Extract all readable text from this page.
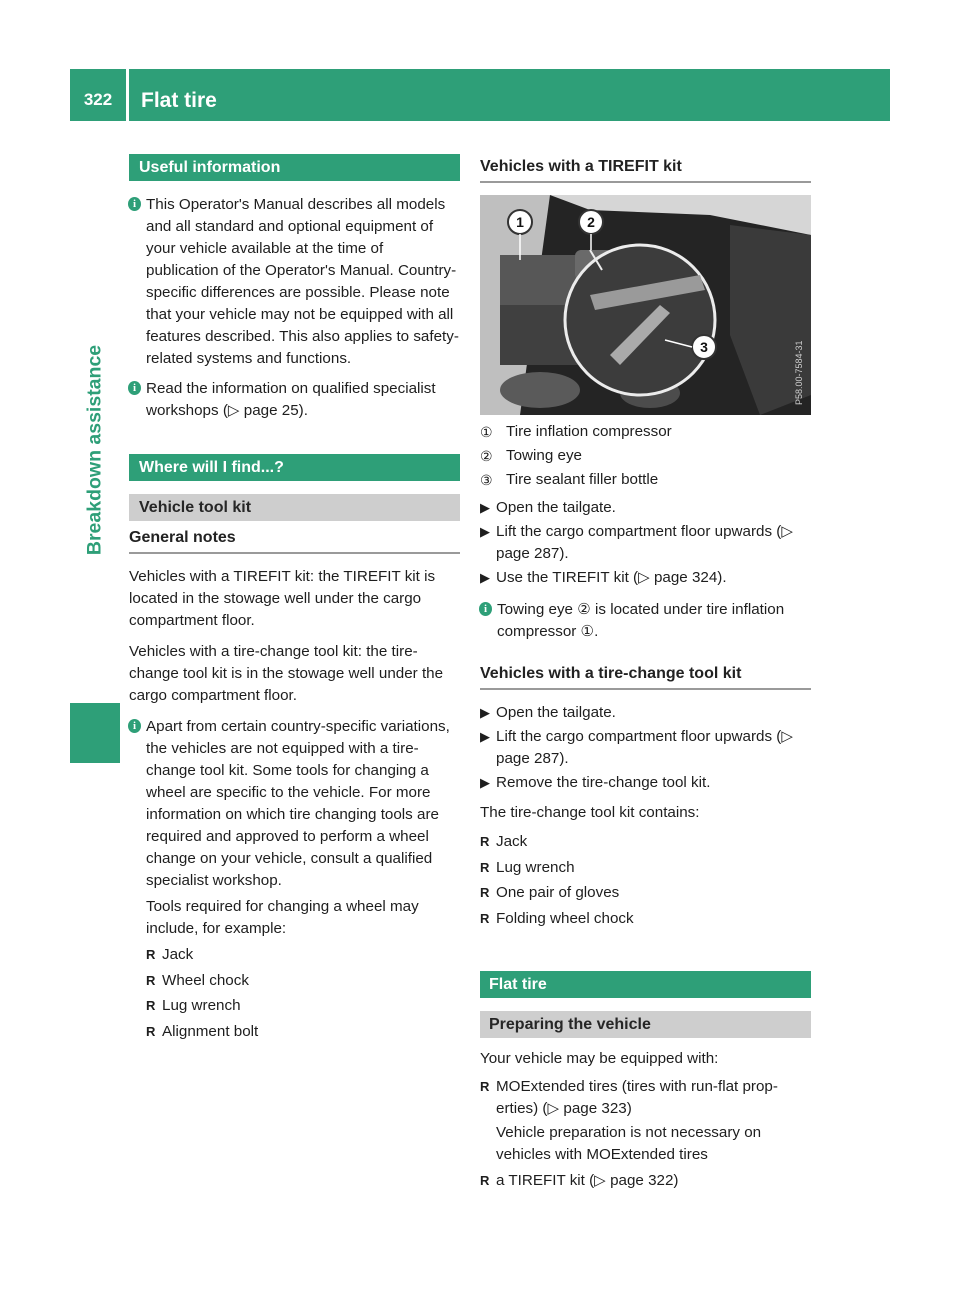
322	Flat tire
Breakdown assistance
Useful information
i This Operator's Manual describes all models and all standard and optional equipment of your vehicle available at the time of publication of the Operator's Manual. Country-specific differences are possible. Please note that your vehicle may not be equipped with all features described. This also applies to safety-related systems and functions.
i Read the information on qualified specialist workshops (▷ page 25).
Where will I find...?
Vehicle tool kit
General notes

Vehicles with a TIREFIT kit: the TIREFIT kit is located in the stowage well under the cargo compartment floor.

Vehicles with a tire-change tool kit: the tire-change tool kit is in the stowage well under the cargo compartment floor.

i Apart from certain country-specific variations, the vehicles are not equipped with a tire-change tool kit. Some tools for changing a wheel are specific to the vehicle. For more information on which tire changing tools are required and approved to perform a wheel change on your vehicle, consult a qualified specialist workshop.
Tools required for changing a wheel may include, for example:
R Jack
R Wheel chock
R Lug wrench
R Alignment bolt
Vehicles with a TIREFIT kit
1	2
3	P58.00-7584-31
① Tire inflation compressor
② Towing eye
③ Tire sealant filler bottle
▶ Open the tailgate.
▶ Lift the cargo compartment floor upwards (▷ page 287).
▶ Use the TIREFIT kit (▷ page 324).
i Towing eye ② is located under tire inflation compressor ①.
Vehicles with a tire-change tool kit
▶ Open the tailgate.
▶ Lift the cargo compartment floor upwards (▷ page 287).
▶ Remove the tire-change tool kit.

The tire-change tool kit contains:

R Jack
R Lug wrench
R One pair of gloves
R Folding wheel chock
Flat tire
Preparing the vehicle

Your vehicle may be equipped with:

R MOExtended tires (tires with run-flat properties) (▷ page 323)
Vehicle preparation is not necessary on vehicles with MOExtended tires
R a TIREFIT kit (▷ page 322)
